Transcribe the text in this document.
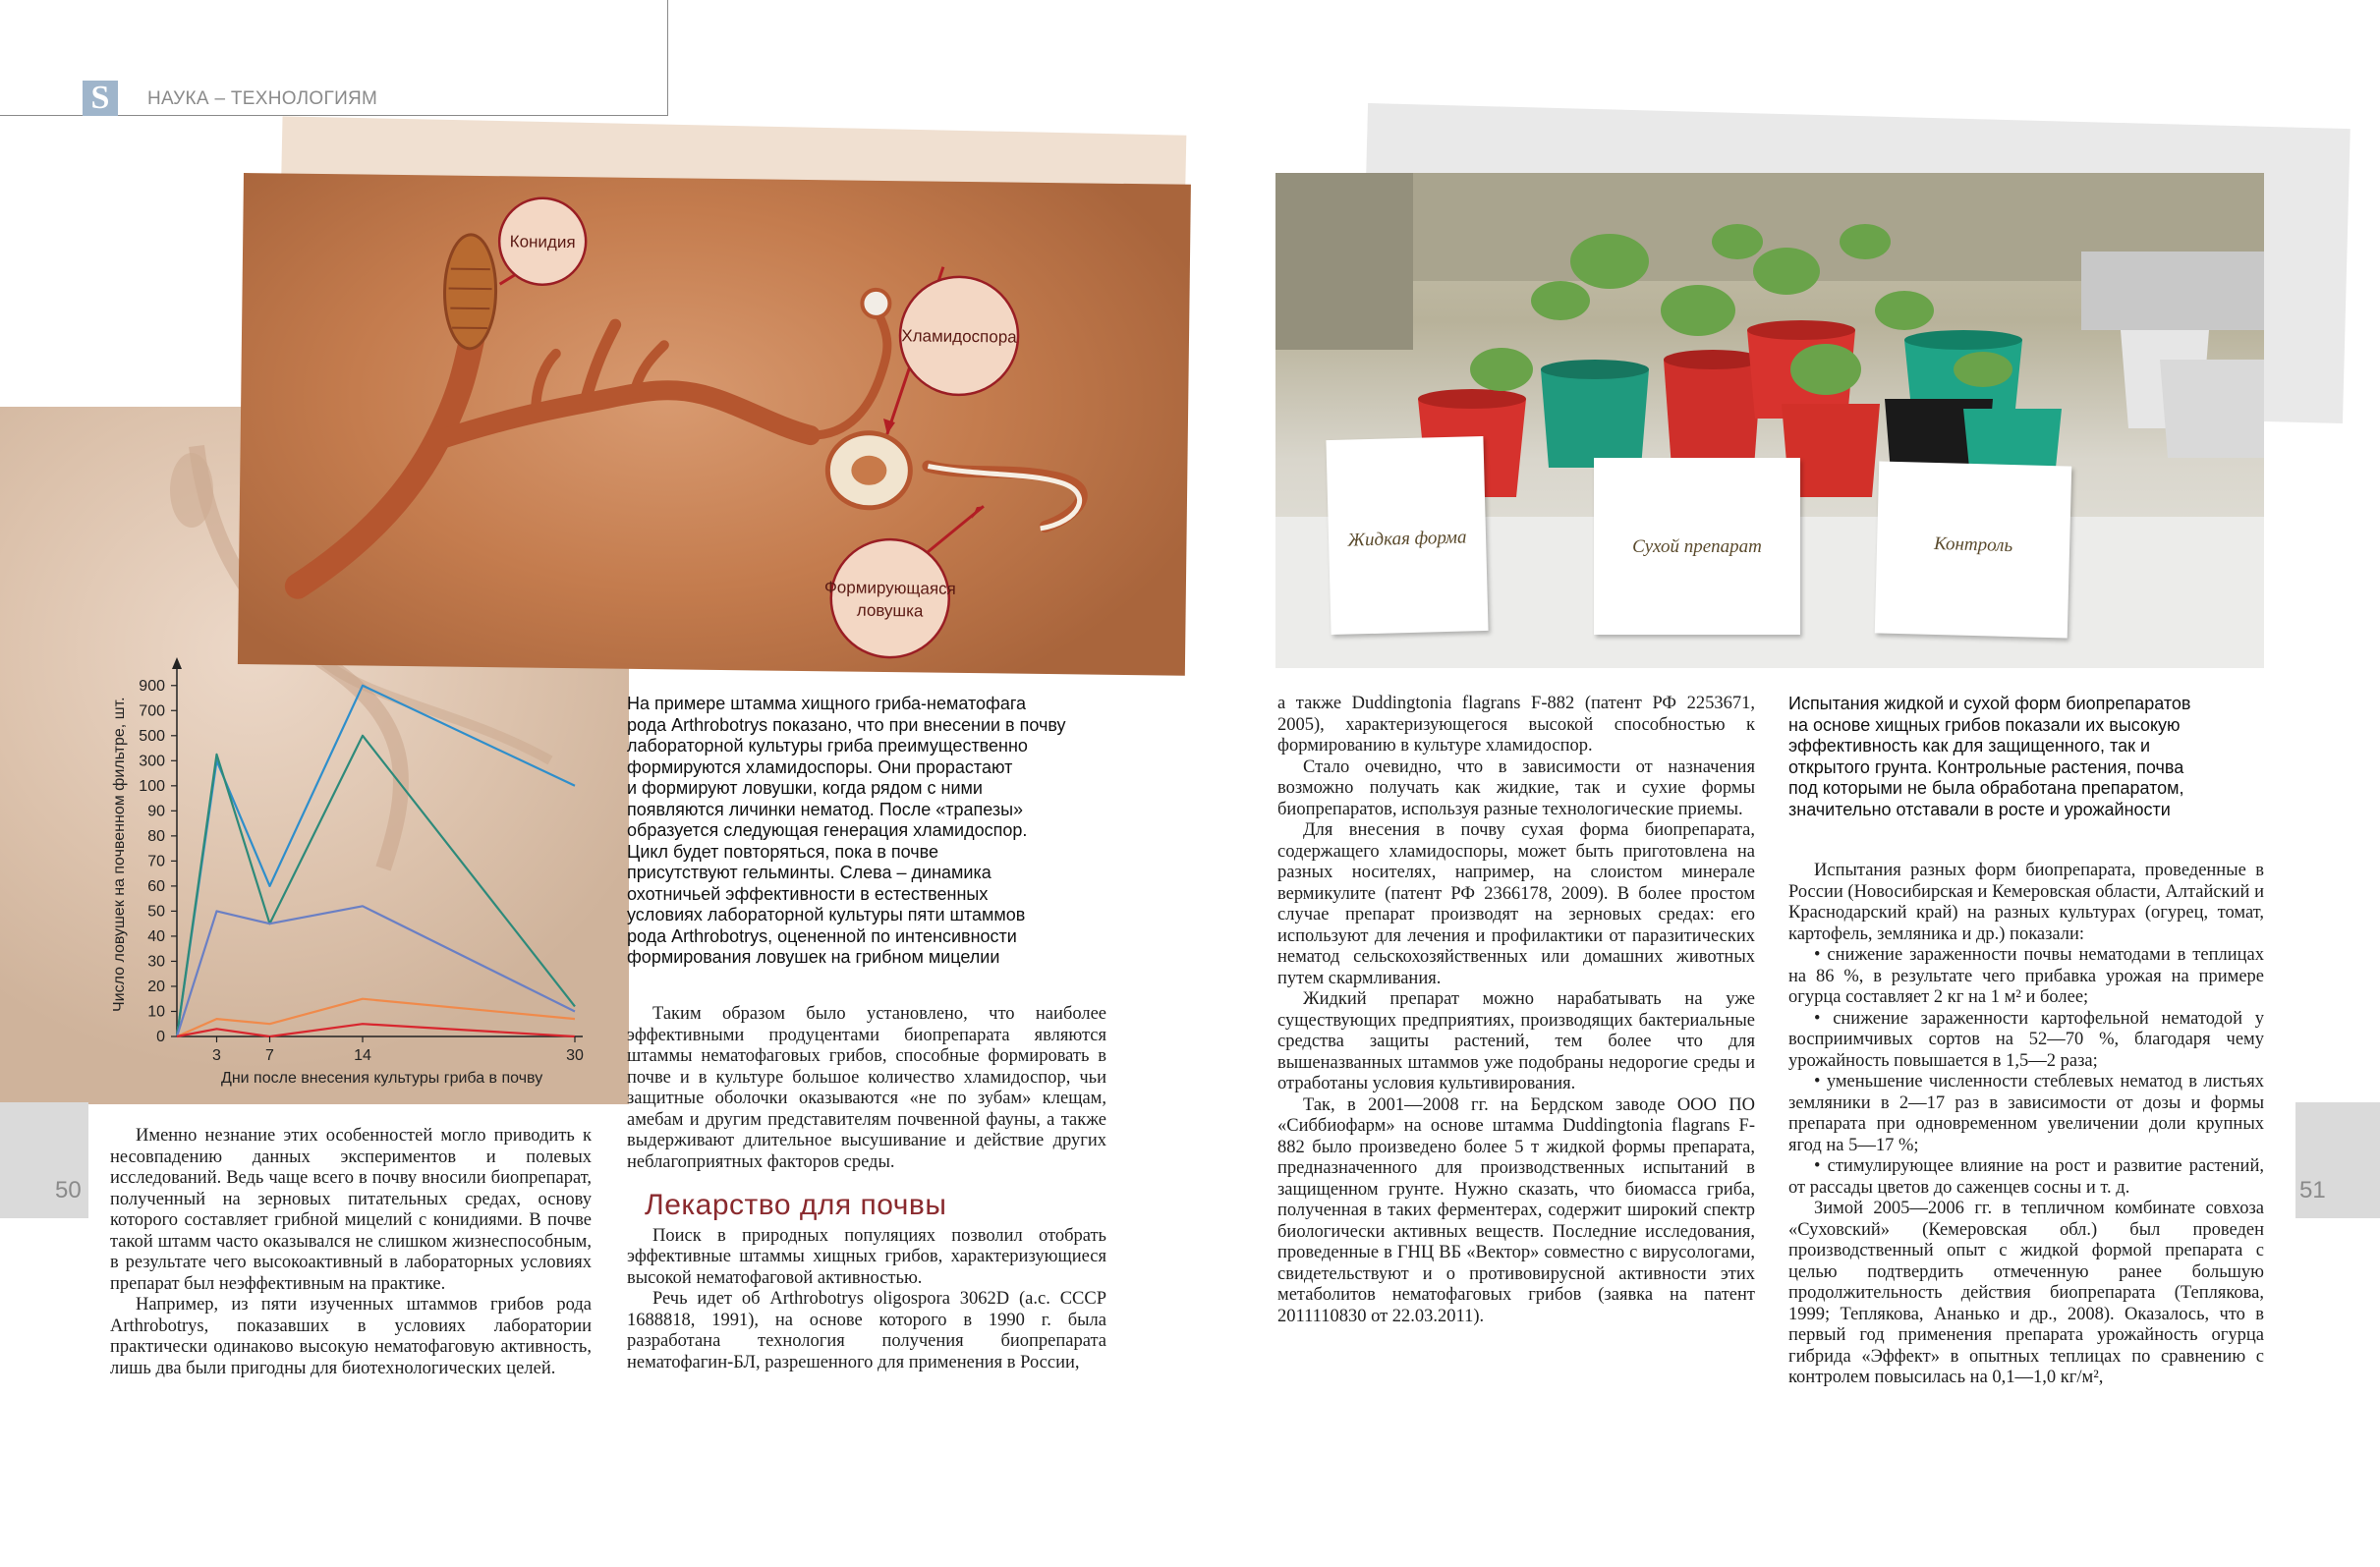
S	НАУКА – ТЕХНОЛОГИЯМ
Конидия
Хламидоспора
Формирующаяся
ловушка
Жидкая форма	Сухой препарат	Контроль
0
10
20
30
40
50
60
70
80
90
100
300
500
700
900
3	7	14	30
Число ловушек на почвенном фильтре, шт.
Дни после внесения культуры гриба в почву
На примере штамма хищного гриба-нематофага
рода Arthrobotrys показано, что при внесении в почву
лабораторной культуры гриба преимущественно
формируются хламидоспоры. Они прорастают
и формируют ловушки, когда рядом с ними
появляются личинки нематод. После «трапезы»
образуется следующая генерация хламидоспор.
Цикл будет повторяться, пока в почве
присутствуют гельминты. Слева – динамика
охотничьей эффективности в естественных
условиях лабораторной культуры пяти штаммов
рода Arthrobotrys, оцененной по интенсивности
формирования ловушек на грибном мицелии
Испытания жидкой и сухой форм биопрепаратов
на основе хищных грибов показали их высокую
эффективность как для защищенного, так и
открытого грунта. Контрольные растения, почва
под которыми не была обработана препаратом,
значительно отставали в росте и урожайности
50	51

Именно незнание этих особенностей могло приводить к несовпадению данных экспериментов и полевых исследований. Ведь чаще всего в почву вносили биопрепарат, полученный на зерновых питательных средах, основу которого составляет грибной мицелий с конидиями. В почве такой штамм часто оказывался не слишком жизнеспособным, в результате чего высокоактивный в лабораторных условиях препарат был неэффективным на практике.

Например, из пяти изученных штаммов грибов рода Arthrobotrys, показавших в условиях лаборатории практически одинаково высокую нематофаговую активность, лишь два были пригодны для биотехнологических целей.

Таким образом было установлено, что наиболее эффективными продуцентами биопрепарата являются штаммы нематофаговых грибов, способные формировать в почве и в культуре большое количество хламидоспор, чьи защитные оболочки оказываются «не по зубам» клещам, амебам и другим представителям почвенной фауны, а также выдерживают длительное высушивание и действие других неблагоприятных факторов среды.

Лекарство для почвы

Поиск в природных популяциях позволил отобрать эффективные штаммы хищных грибов, характеризующиеся высокой нематофаговой активностью.

Речь идет об Arthrobotrys oligospora 3062D (а.с. СССР 1688818, 1991), на основе которого в 1990 г. была разработана технология получения биопрепарата нематофагин-БЛ, разрешенного для применения в России,

а также Duddingtonia flagrans F-882 (патент РФ 2253671, 2005), характеризующегося высокой способностью к формированию в культуре хламидоспор.

Стало очевидно, что в зависимости от назначения возможно получать как жидкие, так и сухие формы биопрепаратов, используя разные технологические приемы.

Для внесения в почву сухая форма биопрепарата, содержащего хламидоспоры, может быть приготовлена на разных носителях, например, на слоистом минерале вермикулите (патент РФ 2366178, 2009). В более простом случае препарат производят на зерновых средах: его используют для лечения и профилактики от паразитических нематод сельскохозяйственных или домашних животных путем скармливания.

Жидкий препарат можно нарабатывать на уже существующих предприятиях, производящих бактериальные средства защиты растений, тем более что для вышеназванных штаммов уже подобраны недорогие среды и отработаны условия культивирования.

Так, в 2001—2008 гг. на Бердском заводе ООО ПО «Сиббиофарм» на основе штамма Duddingtonia flagrans F-882 было произведено более 5 т жидкой формы препарата, предназначенного для производственных испытаний в защищенном грунте. Нужно сказать, что биомасса гриба, полученная в таких ферментерах, содержит широкий спектр биологически активных веществ. Последние исследования, проведенные в ГНЦ ВБ «Вектор» совместно с вирусологами, свидетельствуют и о противовирусной активности этих метаболитов нематофаговых грибов (заявка на патент 2011110830 от 22.03.2011).

Испытания разных форм биопрепарата, проведенные в России (Новосибирская и Кемеровская области, Алтайский и Краснодарский край) на разных культурах (огурец, томат, картофель, земляника и др.) показали:

• снижение зараженности почвы нематодами в теплицах на 86 %, в результате чего прибавка урожая на примере огурца составляет 2 кг на 1 м² и более;

• снижение зараженности картофельной нематодой у восприимчивых сортов на 52—70 %, благодаря чему урожайность повышается в 1,5—2 раза;

• уменьшение численности стеблевых нематод в листьях земляники в 2—17 раз в зависимости от дозы и формы препарата при одновременном увеличении доли крупных ягод на 5—17 %;

• стимулирующее влияние на рост и развитие растений, от рассады цветов до саженцев сосны и т. д.

Зимой 2005—2006 гг. в тепличном комбинате совхоза «Суховский» (Кемеровская обл.) был проведен производственный опыт с жидкой формой препарата с целью подтвердить отмеченную ранее большую продолжительность действия биопрепарата (Теплякова, 1999; Теплякова, Ананько и др., 2008). Оказалось, что в первый год применения препарата урожайность огурца гибрида «Эффект» в опытных теплицах по сравнению с контролем повысилась на 0,1—1,0 кг/м²,
